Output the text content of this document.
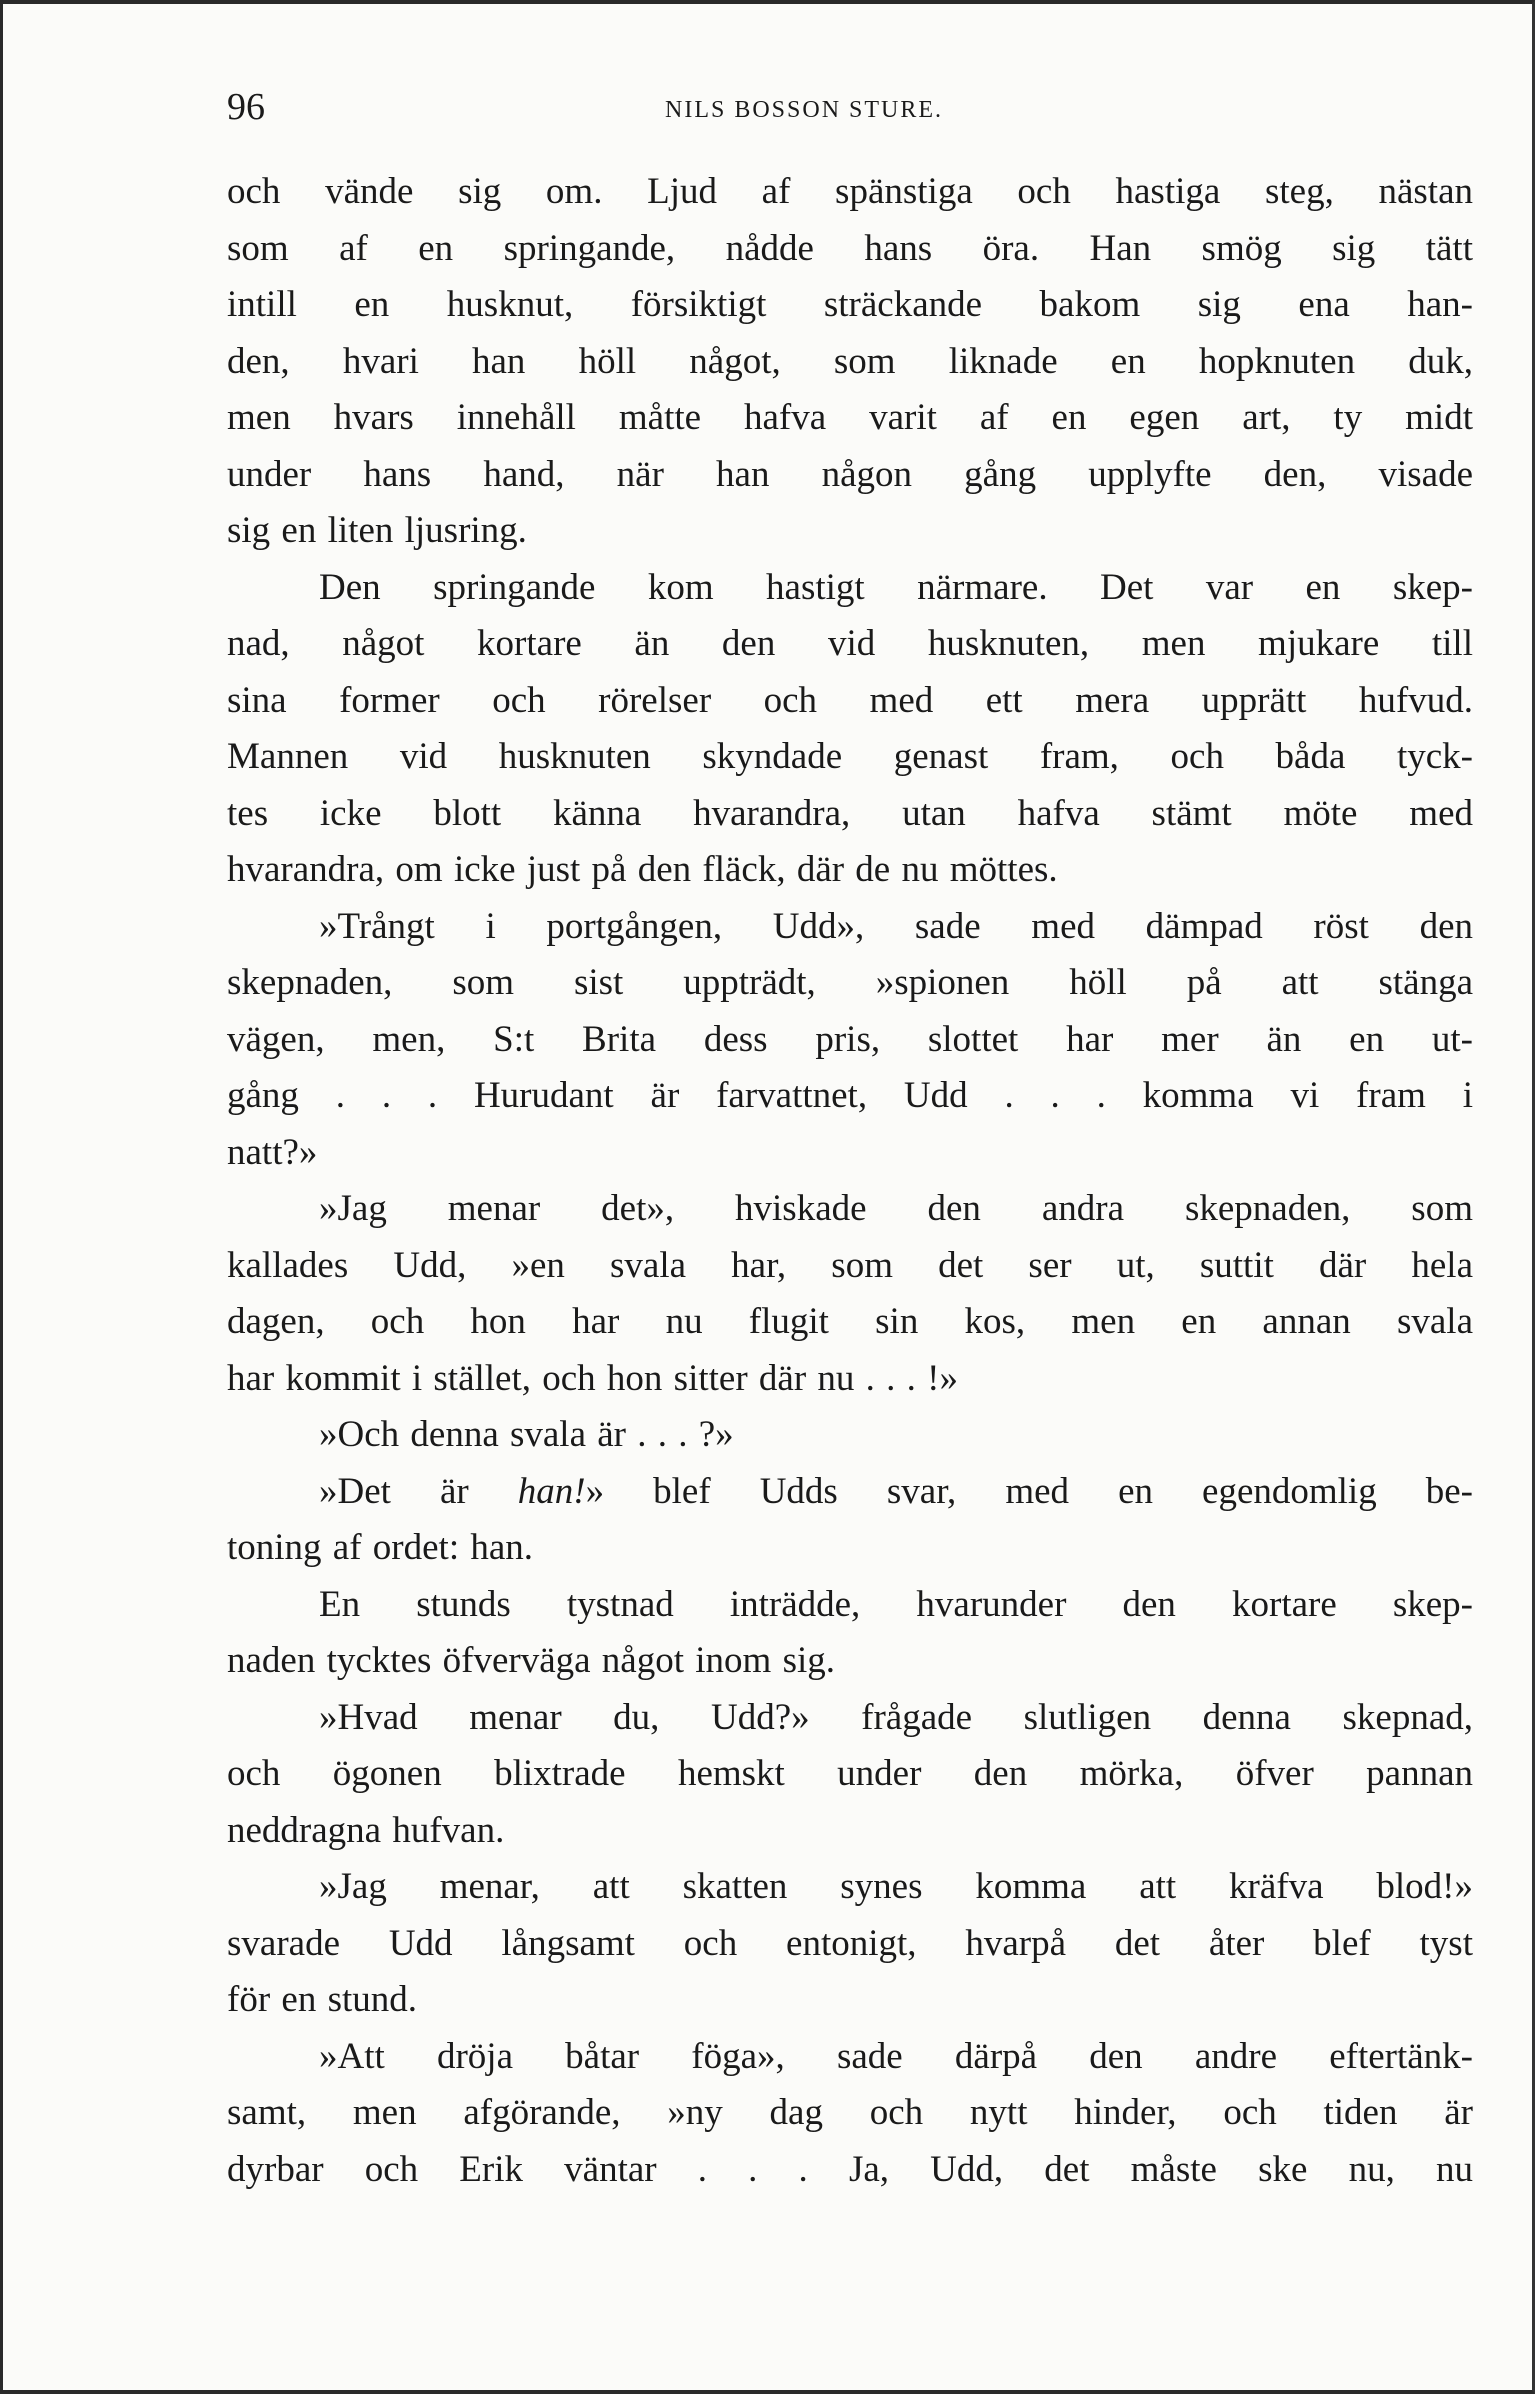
96	NILS BOSSON STURE.
och vände sig om. Ljud af spänstiga och hastiga steg, nästan
som af en springande, nådde hans öra. Han smög sig tätt
intill en husknut, försiktigt sträckande bakom sig ena han-
den, hvari han höll något, som liknade en hopknuten duk,
men hvars innehåll måtte hafva varit af en egen art, ty midt
under hans hand, när han någon gång upplyfte den, visade
sig en liten ljusring.
Den springande kom hastigt närmare. Det var en skep-
nad, något kortare än den vid husknuten, men mjukare till
sina former och rörelser och med ett mera upprätt hufvud.
Mannen vid husknuten skyndade genast fram, och båda tyck-
tes icke blott känna hvarandra, utan hafva stämt möte med
hvarandra, om icke just på den fläck, där de nu möttes.
»Trångt i portgången, Udd», sade med dämpad röst den
skepnaden, som sist uppträdt, »spionen höll på att stänga
vägen, men, S:t Brita dess pris, slottet har mer än en ut-
gång . . . Hurudant är farvattnet, Udd . . . komma vi fram i
natt?»
»Jag menar det», hviskade den andra skepnaden, som
kallades Udd, »en svala har, som det ser ut, suttit där hela
dagen, och hon har nu flugit sin kos, men en annan svala
har kommit i stället, och hon sitter där nu . . . !»
»Och denna svala är . . . ?»
»Det är han!» blef Udds svar, med en egendomlig be-
toning af ordet: han.
En stunds tystnad inträdde, hvarunder den kortare skep-
naden tycktes öfverväga något inom sig.
»Hvad menar du, Udd?» frågade slutligen denna skepnad,
och ögonen blixtrade hemskt under den mörka, öfver pannan
neddragna hufvan.
»Jag menar, att skatten synes komma att kräfva blod!»
svarade Udd långsamt och entonigt, hvarpå det åter blef tyst
för en stund.
»Att dröja båtar föga», sade därpå den andre eftertänk-
samt, men afgörande, »ny dag och nytt hinder, och tiden är
dyrbar och Erik väntar . . . Ja, Udd, det måste ske nu, nu
